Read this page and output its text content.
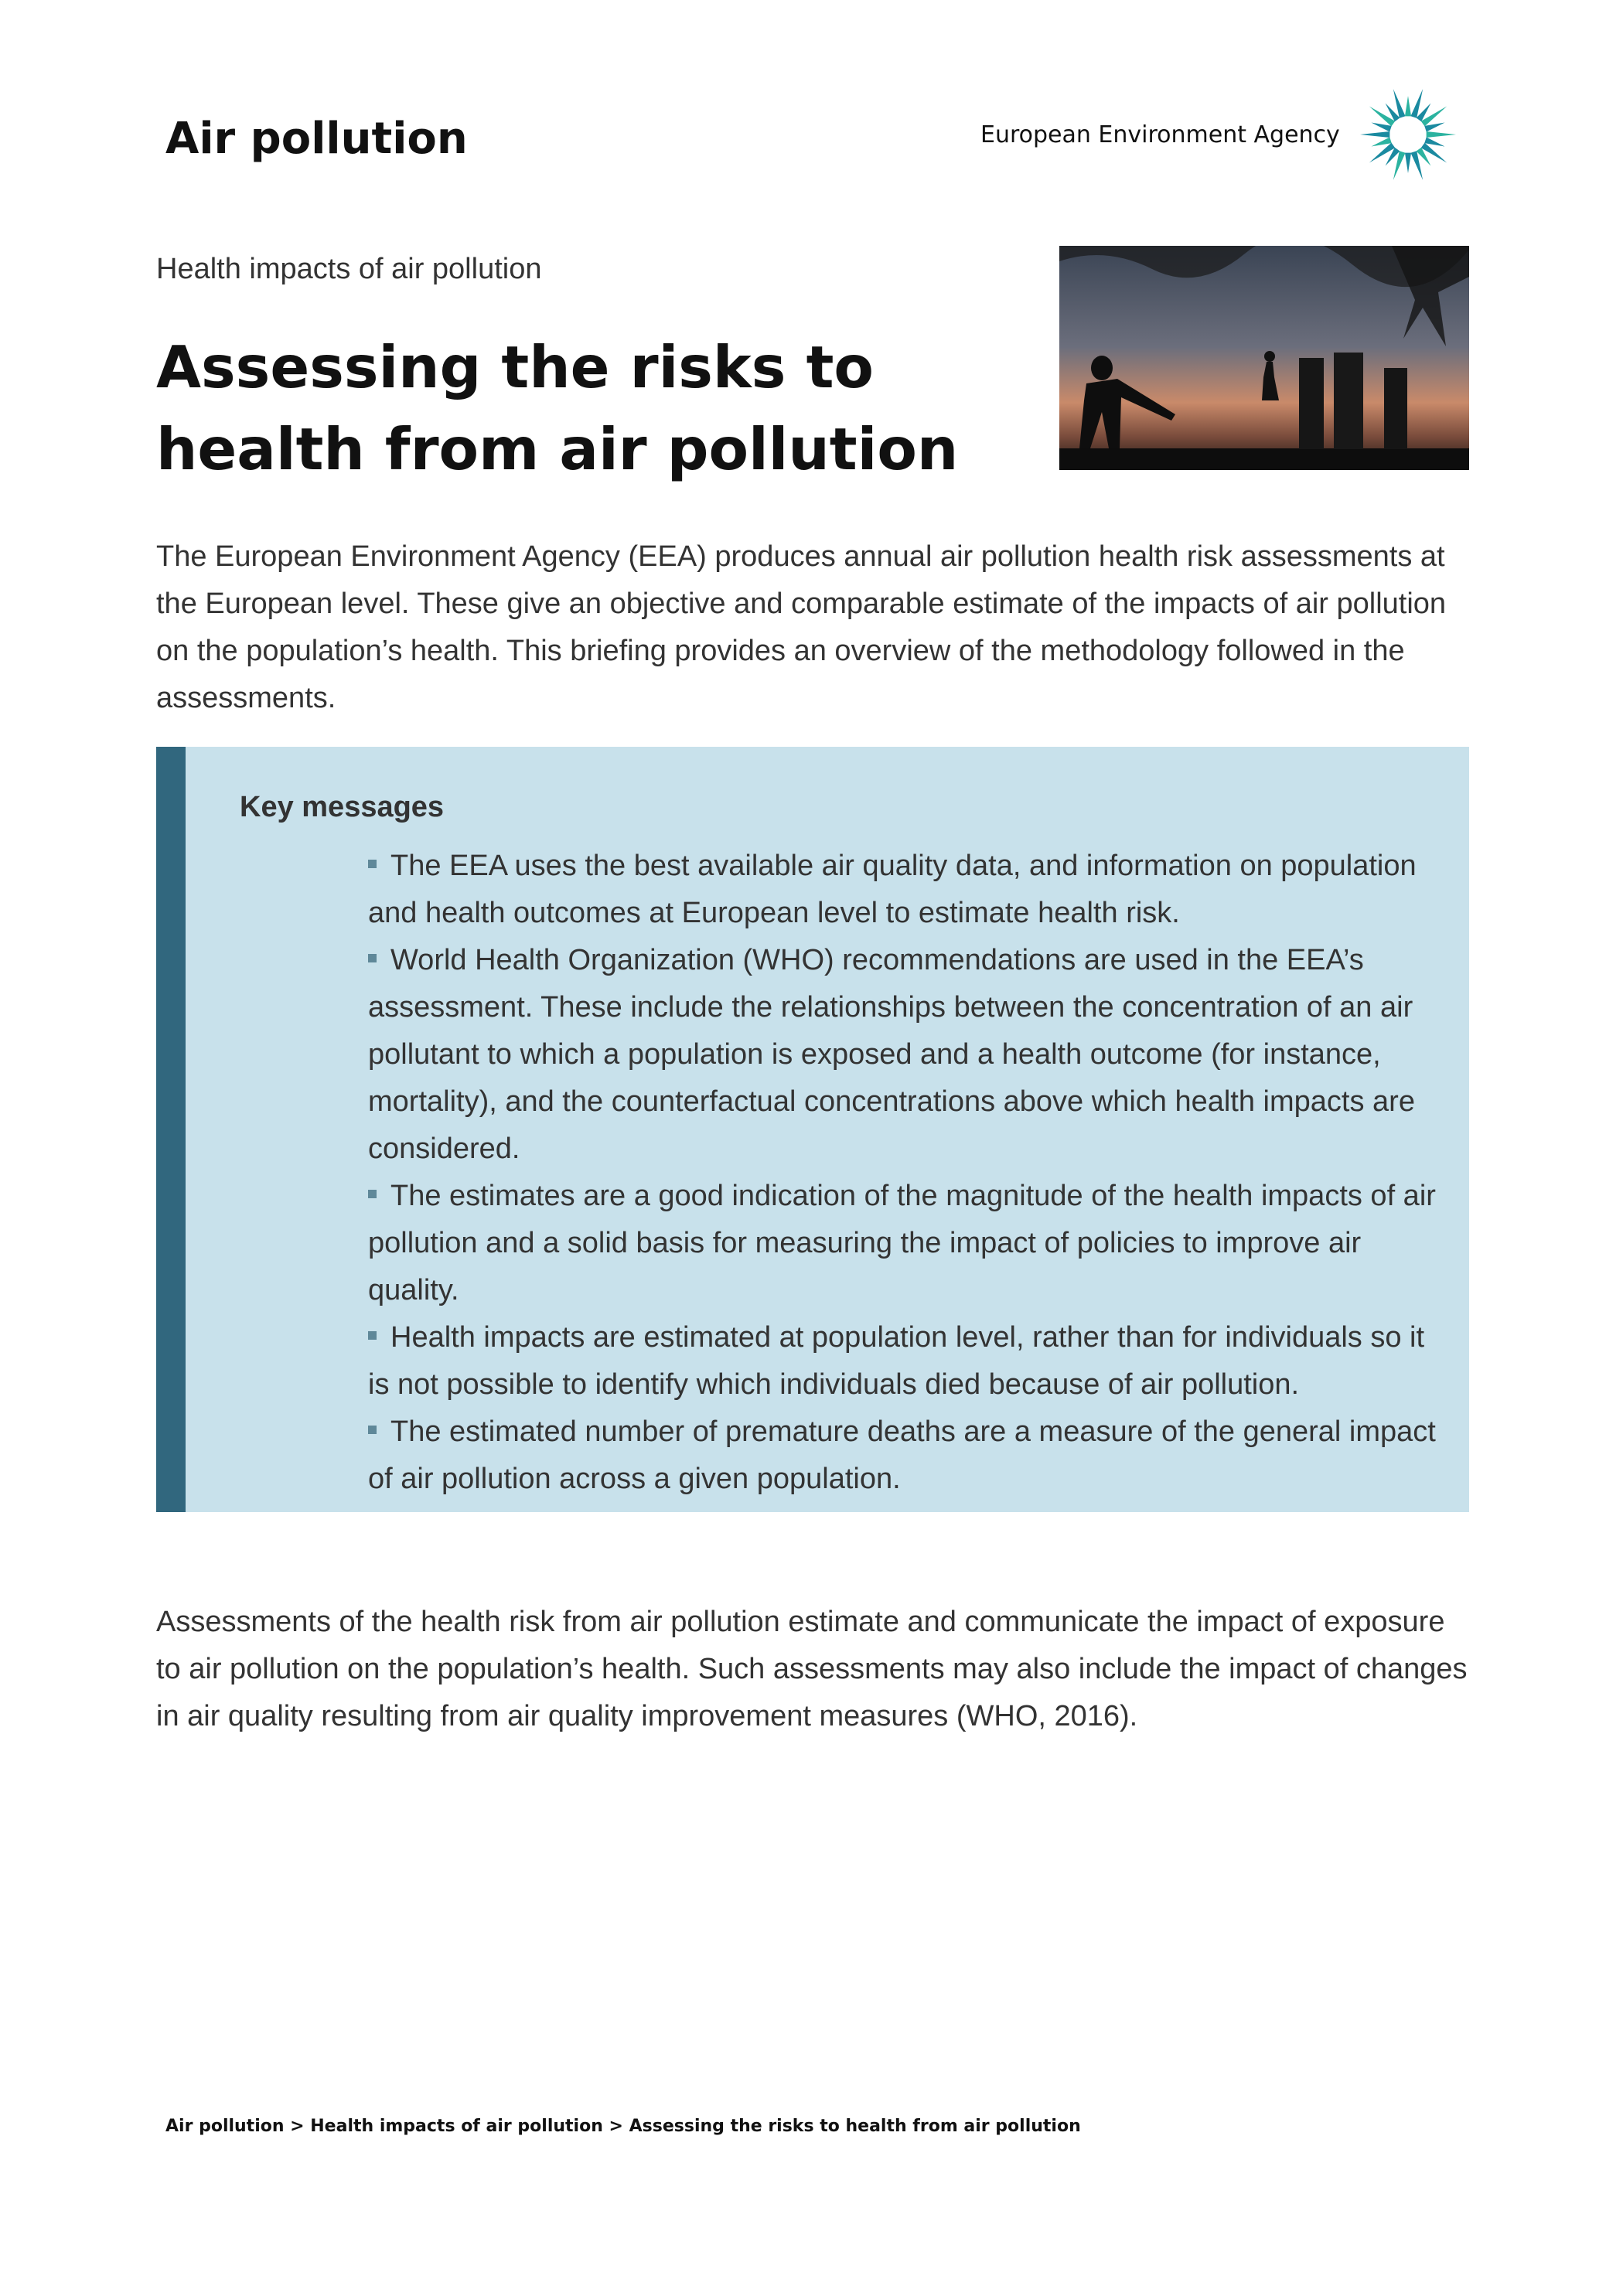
Air pollution	European Environment Agency
Health impacts of air pollution
Assessing the risks to
health from air pollution

The European Environment Agency (EEA) produces annual air pollution health risk assessments at the European level. These give an objective and comparable estimate of the impacts of air pollution on the population’s health. This briefing provides an overview of the methodology followed in the assessments.

Key messages
The EEA uses the best available air quality data, and information on population and health outcomes at European level to estimate health risk.
World Health Organization (WHO) recommendations are used in the EEA’s assessment. These include the relationships between the concentration of an air pollutant to which a population is exposed and a health outcome (for instance, mortality), and the counterfactual concentrations above which health impacts are considered.
The estimates are a good indication of the magnitude of the health impacts of air pollution and a solid basis for measuring the impact of policies to improve air quality.
Health impacts are estimated at population level, rather than for individuals so it is not possible to identify which individuals died because of air pollution.
The estimated number of premature deaths are a measure of the general impact of air pollution across a given population.

Assessments of the health risk from air pollution estimate and communicate the impact of exposure to air pollution on the population’s health. Such assessments may also include the impact of changes in air quality resulting from air quality improvement measures (WHO, 2016).

Air pollution > Health impacts of air pollution > Assessing the risks to health from air pollution
